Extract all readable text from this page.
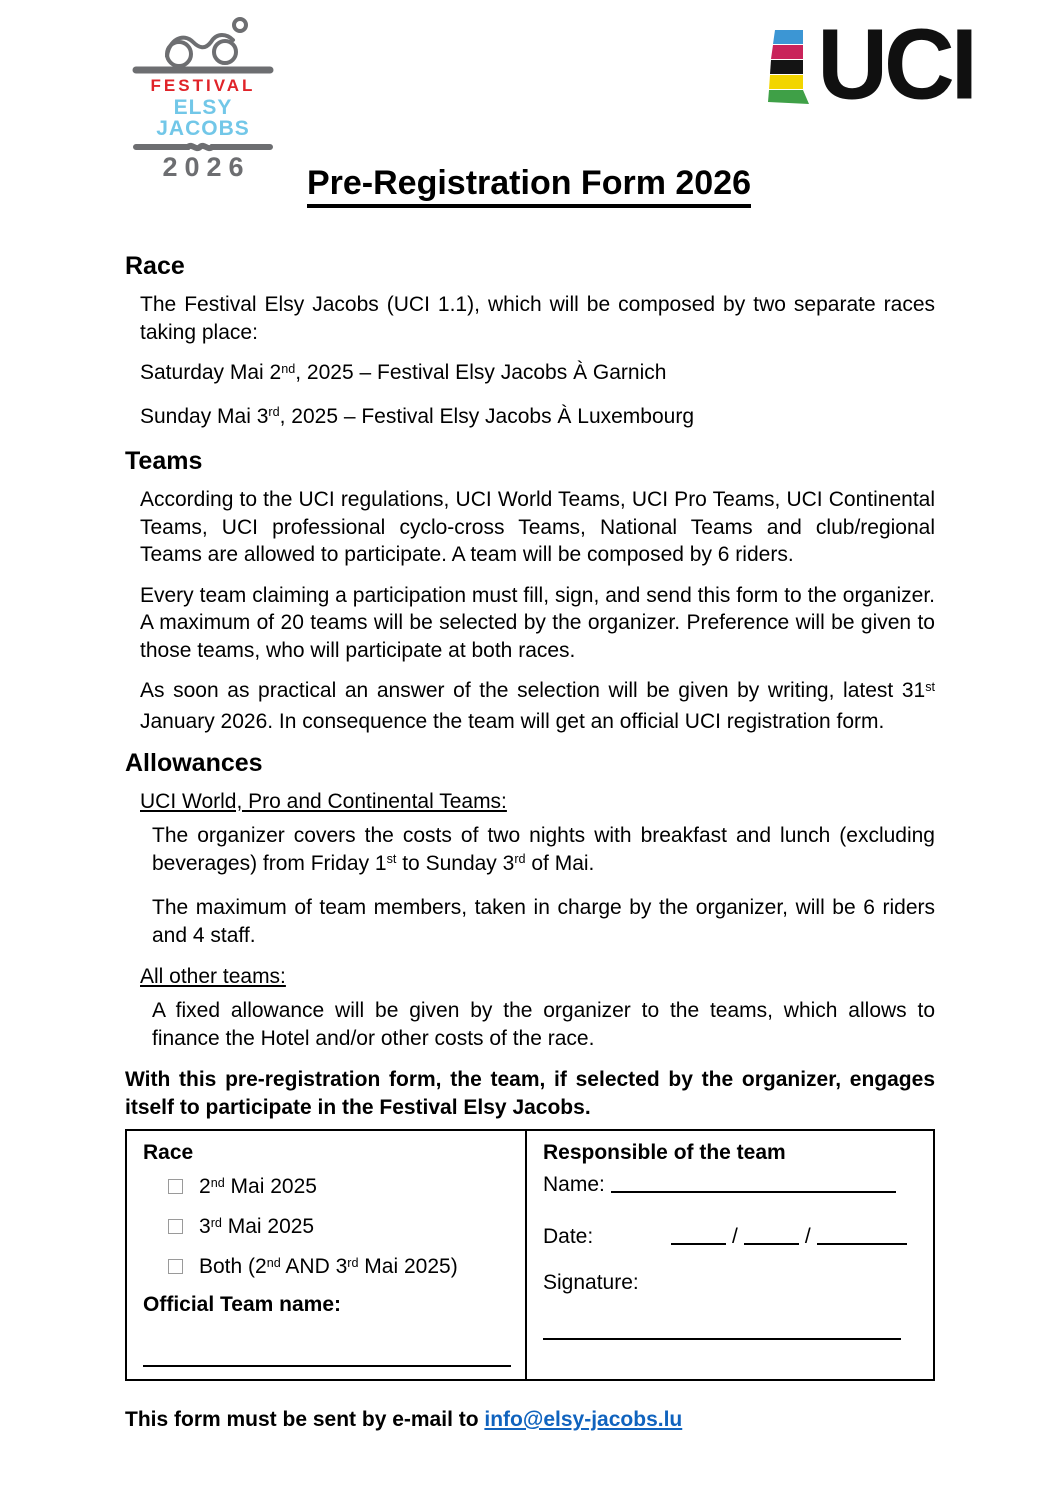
FESTIVAL
ELSY JACOBS
2026
UCI
Pre-Registration Form 2026
Race

The Festival Elsy Jacobs (UCI 1.1), which will be composed by two separate races taking place:

Saturday Mai 2nd, 2025 – Festival Elsy Jacobs À Garnich

Sunday Mai 3rd, 2025 – Festival Elsy Jacobs À Luxembourg

Teams

According to the UCI regulations, UCI World Teams, UCI Pro Teams, UCI Continental Teams, UCI professional cyclo-cross Teams, National Teams and club/regional Teams are allowed to participate. A team will be composed by 6 riders.

Every team claiming a participation must fill, sign, and send this form to the organizer. A maximum of 20 teams will be selected by the organizer. Preference will be given to those teams, who will participate at both races.

As soon as practical an answer of the selection will be given by writing, latest 31st January 2026. In consequence the team will get an official UCI registration form.

Allowances

UCI World, Pro and Continental Teams:

The organizer covers the costs of two nights with breakfast and lunch (excluding beverages) from Friday 1st to Sunday 3rd of Mai.

The maximum of team members, taken in charge by the organizer, will be 6 riders and 4 staff.

All other teams:

A fixed allowance will be given by the organizer to the teams, which allows to finance the Hotel and/or other costs of the race.

With this pre-registration form, the team, if selected by the organizer, engages itself to participate in the Festival Elsy Jacobs.

Race
2nd Mai 2025
3rd Mai 2025
Both (2nd AND 3rd Mai 2025)
Official Team name:

Responsible of the team
Name:
Date:	/	/
Signature:
This form must be sent by e-mail to info@elsy-jacobs.lu
